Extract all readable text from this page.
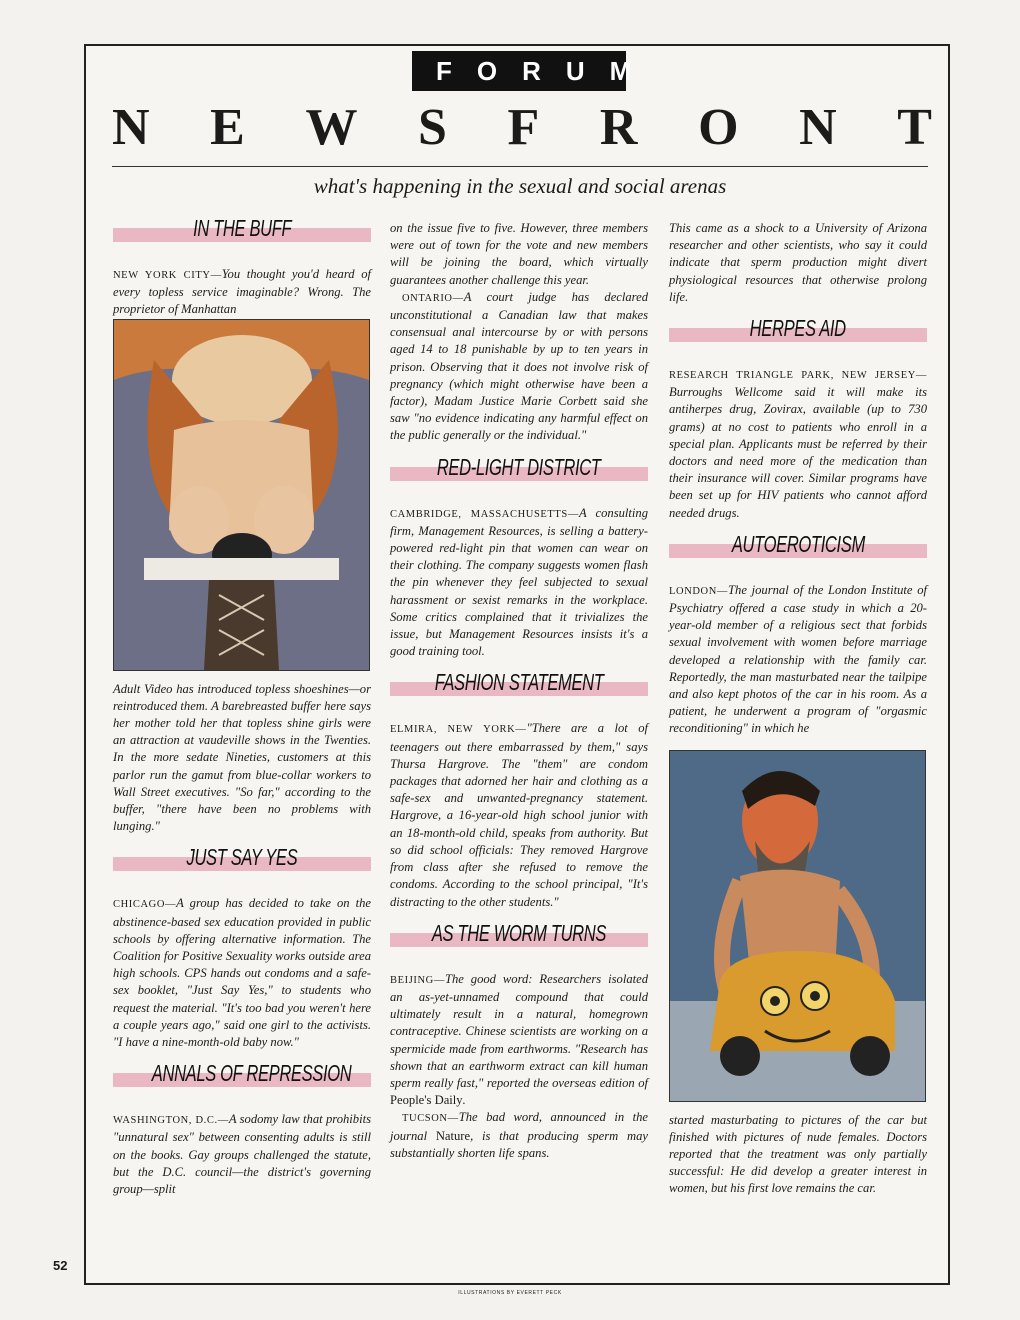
FORUM
N E W S F R O N T
what's happening in the sexual and social arenas
IN THE BUFF

NEW YORK CITY—You thought you'd heard of every topless service imaginable? Wrong. The proprietor of Manhattan

Adult Video has introduced topless shoeshines—or reintroduced them. A barebreasted buffer here says her mother told her that topless shine girls were an attraction at vaudeville shows in the Twenties. In the more sedate Nineties, customers at this parlor run the gamut from blue-collar workers to Wall Street executives. "So far," according to the buffer, "there have been no problems with lunging."

JUST SAY YES

CHICAGO—A group has decided to take on the abstinence-based sex education provided in public schools by offering alternative information. The Coalition for Positive Sexuality works outside area high schools. CPS hands out condoms and a safe-sex booklet, "Just Say Yes," to students who request the material. "It's too bad you weren't here a couple years ago," said one girl to the activists. "I have a nine-month-old baby now."

ANNALS OF REPRESSION

WASHINGTON, D.C.—A sodomy law that prohibits "unnatural sex" between consenting adults is still on the books. Gay groups challenged the statute, but the D.C. council—the district's governing group—split

on the issue five to five. However, three members were out of town for the vote and new members will be joining the board, which virtually guarantees another challenge this year.

ONTARIO—A court judge has declared unconstitutional a Canadian law that makes consensual anal intercourse by or with persons aged 14 to 18 punishable by up to ten years in prison. Observing that it does not involve risk of pregnancy (which might otherwise have been a factor), Madam Justice Marie Corbett said she saw "no evidence indicating any harmful effect on the public generally or the individual."

RED-LIGHT DISTRICT

CAMBRIDGE, MASSACHUSETTS—A consulting firm, Management Resources, is selling a battery-powered red-light pin that women can wear on their clothing. The company suggests women flash the pin whenever they feel subjected to sexual harassment or sexist remarks in the workplace. Some critics complained that it trivializes the issue, but Management Resources insists it's a good training tool.

FASHION STATEMENT

ELMIRA, NEW YORK—"There are a lot of teenagers out there embarrassed by them," says Thursa Hargrove. The "them" are condom packages that adorned her hair and clothing as a safe-sex and unwanted-pregnancy statement. Hargrove, a 16-year-old high school junior with an 18-month-old child, speaks from authority. But so did school officials: They removed Hargrove from class after she refused to remove the condoms. According to the school principal, "It's distracting to the other students."

AS THE WORM TURNS

BEIJING—The good word: Researchers isolated an as-yet-unnamed compound that could ultimately result in a natural, homegrown contraceptive. Chinese scientists are working on a spermicide made from earthworms. "Research has shown that an earthworm extract can kill human sperm really fast," reported the overseas edition of People's Daily.

TUCSON—The bad word, announced in the journal Nature, is that producing sperm may substantially shorten life spans.

This came as a shock to a University of Arizona researcher and other scientists, who say it could indicate that sperm production might divert physiological resources that otherwise prolong life.

HERPES AID

RESEARCH TRIANGLE PARK, NEW JERSEY—Burroughs Wellcome said it will make its antiherpes drug, Zovirax, available (up to 730 grams) at no cost to patients who enroll in a special plan. Applicants must be referred by their doctors and need more of the medication than their insurance will cover. Similar programs have been set up for HIV patients who cannot afford needed drugs.

AUTOEROTICISM

LONDON—The journal of the London Institute of Psychiatry offered a case study in which a 20-year-old member of a religious sect that forbids sexual involvement with women before marriage developed a relationship with the family car. Reportedly, the man masturbated near the tailpipe and also kept photos of the car in his room. As a patient, he underwent a program of "orgasmic reconditioning" in which he

started masturbating to pictures of the car but finished with pictures of nude females. Doctors reported that the treatment was only partially successful: He did develop a greater interest in women, but his first love remains the car.

52
ILLUSTRATIONS BY EVERETT PECK
